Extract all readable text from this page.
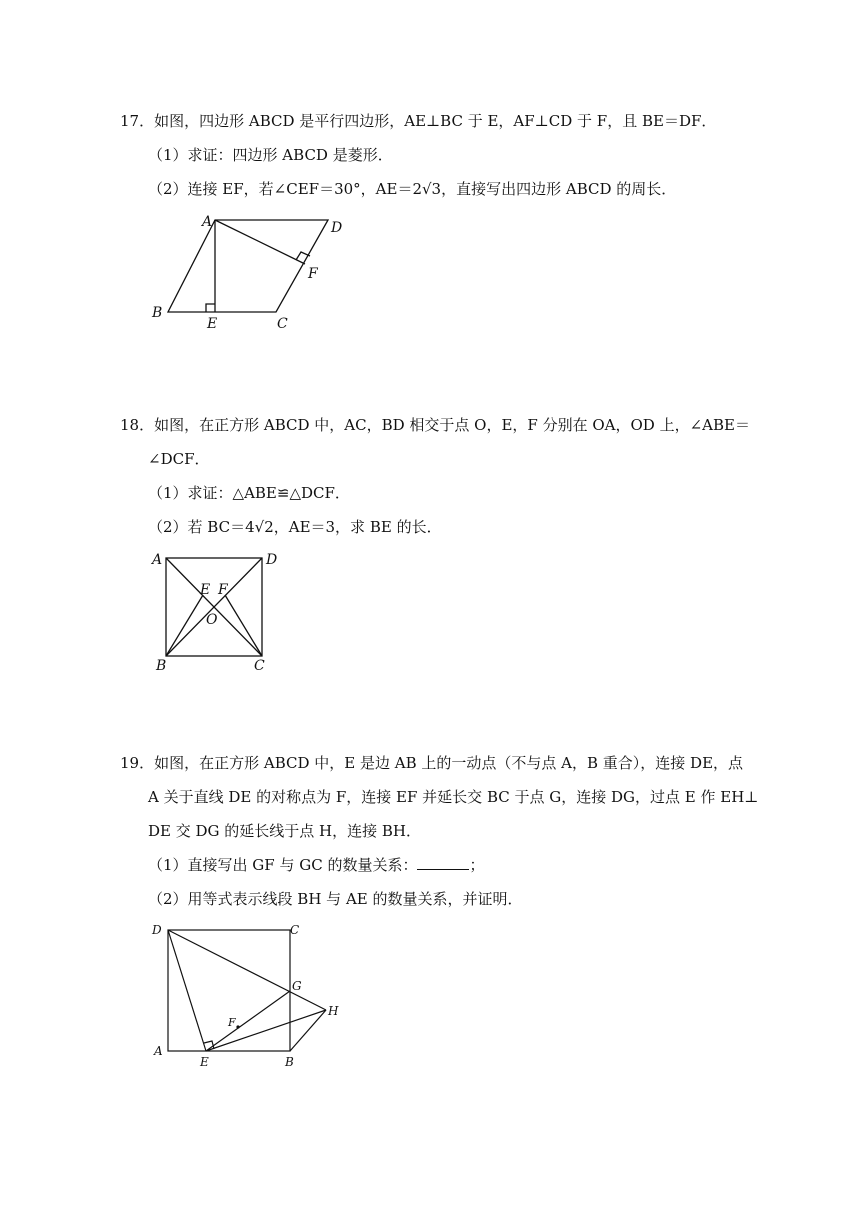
17．如图，四边形 ABCD 是平行四边形，AE⊥BC 于 E，AF⊥CD 于 F，且 BE＝DF．
（1）求证：四边形 ABCD 是菱形．
（2）连接 EF，若∠CEF＝30°，AE＝2√3，直接写出四边形 ABCD 的周长．
A	D
F
B
E	C
18．如图，在正方形 ABCD 中，AC，BD 相交于点 O，E，F 分别在 OA，OD 上，∠ABE＝
∠DCF．
（1）求证：△ABE≌△DCF．
（2）若 BC＝4√2，AE＝3，求 BE 的长．
A	D
E F
O
B	C
19．如图，在正方形 ABCD 中，E 是边 AB 上的一动点（不与点 A，B 重合），连接 DE，点
A 关于直线 DE 的对称点为 F，连接 EF 并延长交 BC 于点 G，连接 DG，过点 E 作 EH⊥
DE 交 DG 的延长线于点 H，连接 BH．
（1）直接写出 GF 与 GC 的数量关系：	；
（2）用等式表示线段 BH 与 AE 的数量关系，并证明．
D	C
G
H
F
A
E	B
